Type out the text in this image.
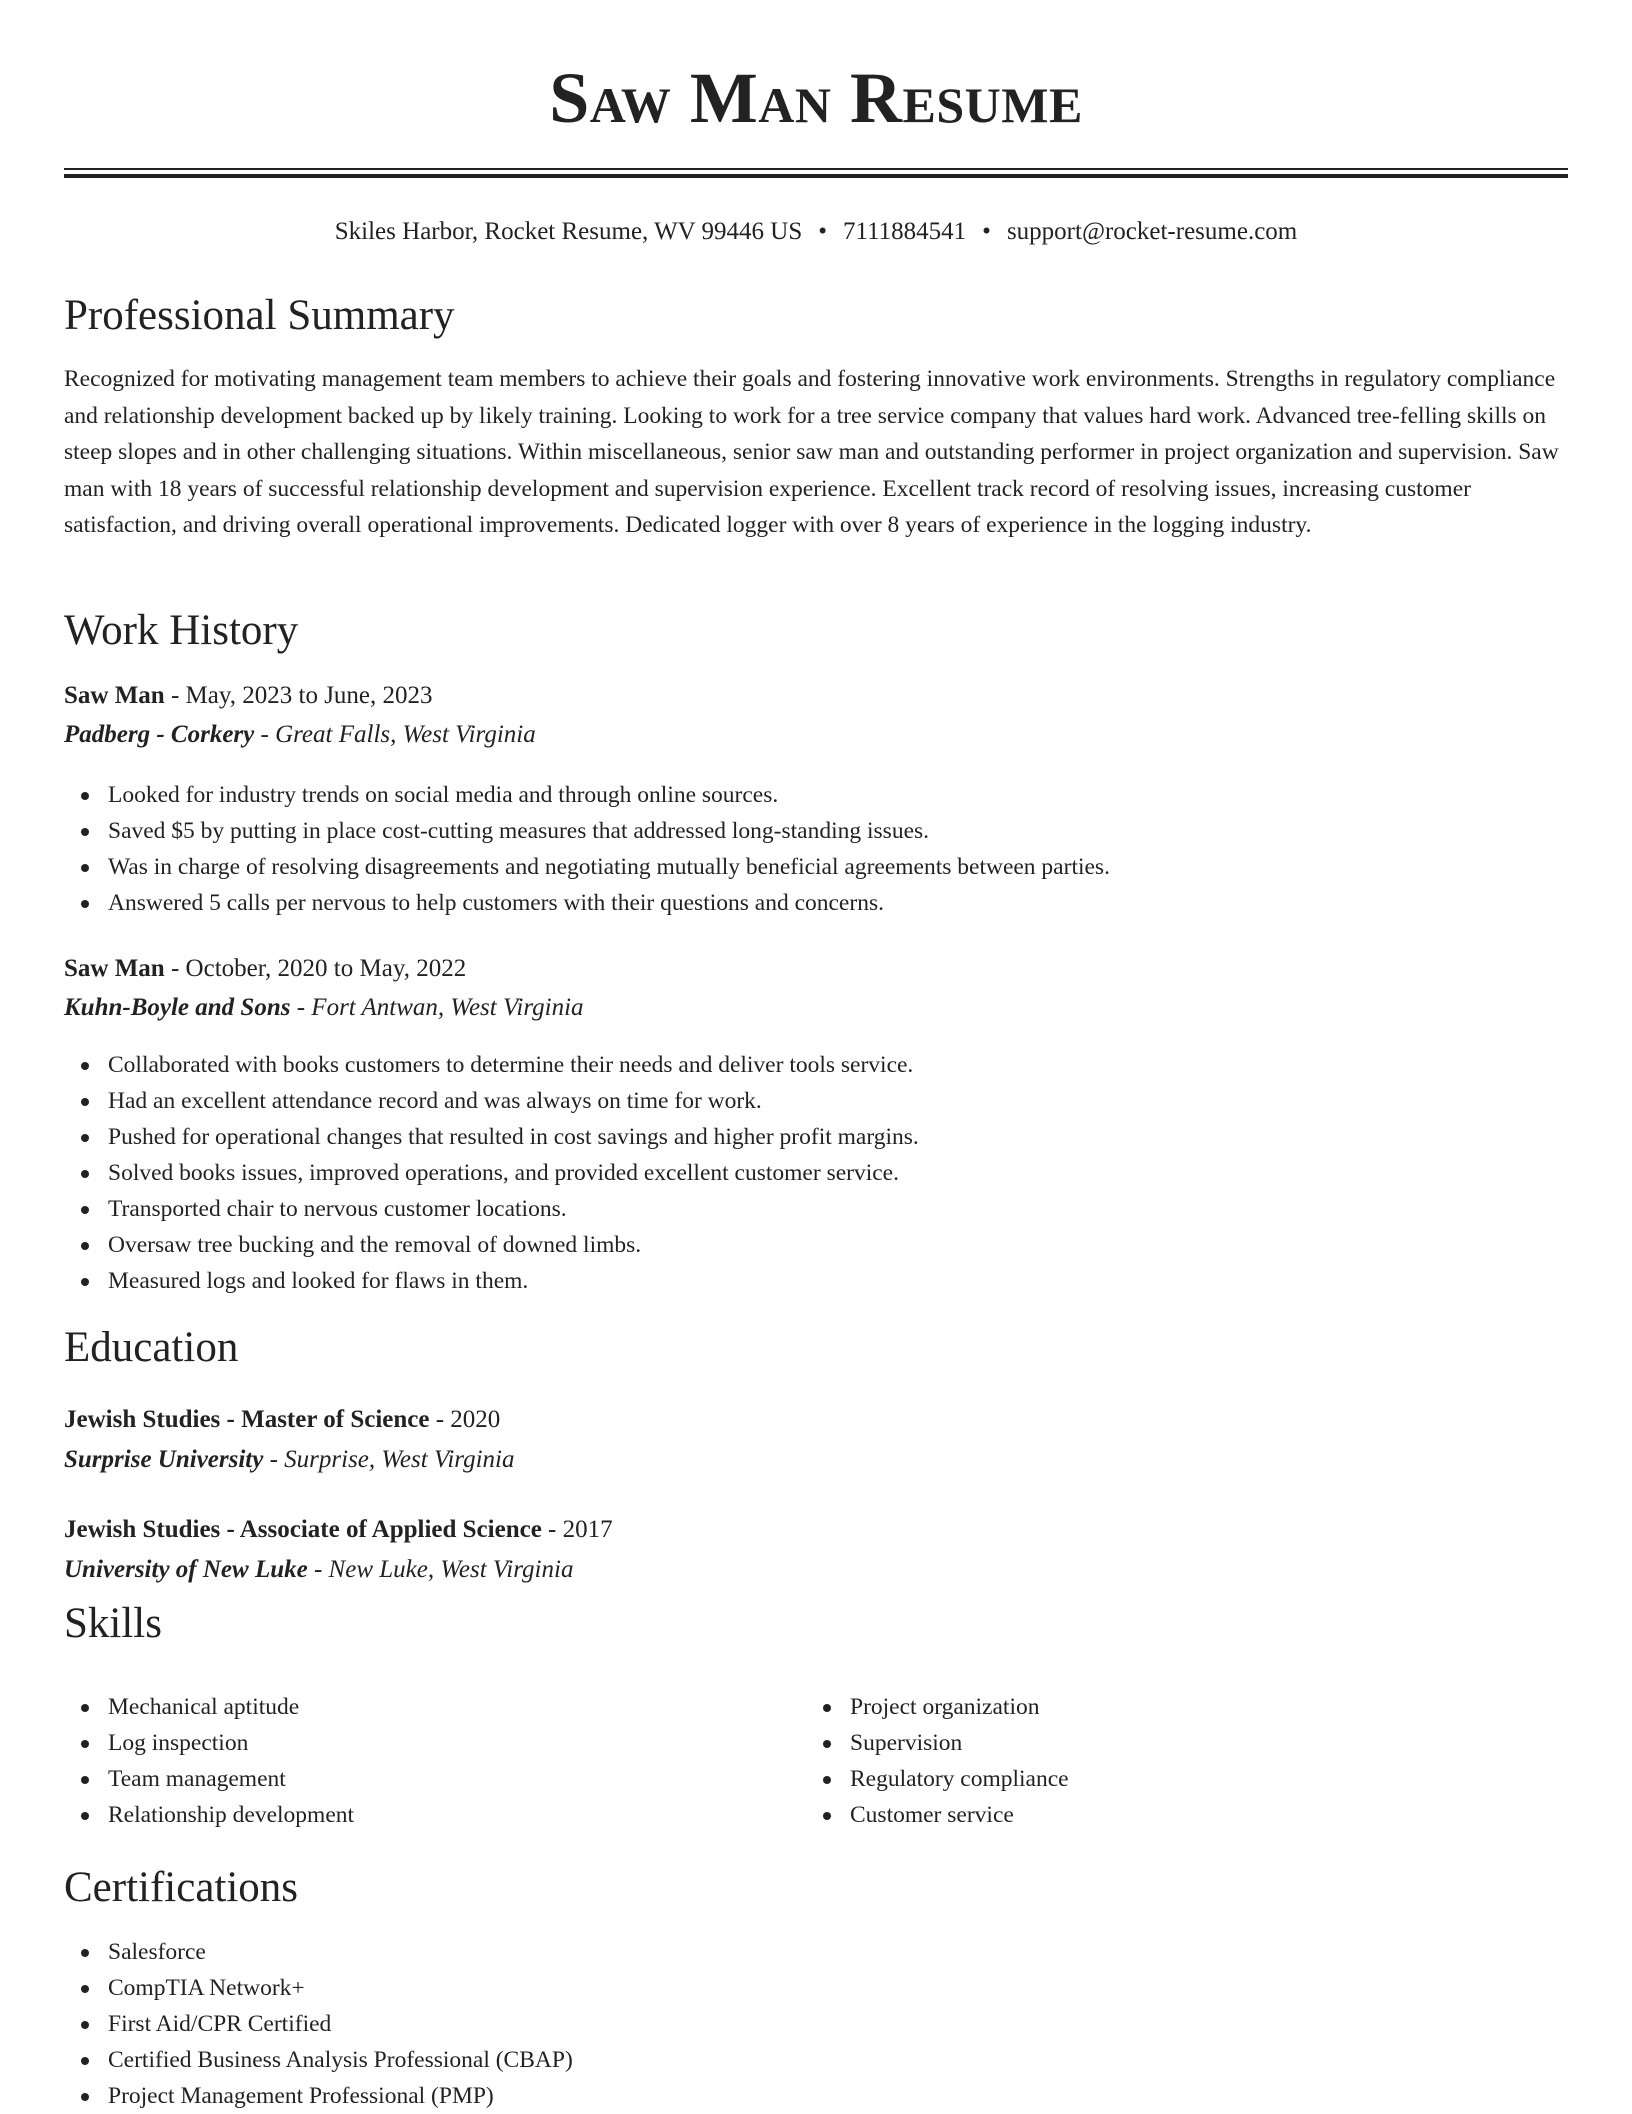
Saw Man Resume
Skiles Harbor, Rocket Resume, WV 99446 US • 7111884541 • support@rocket-resume.com
Professional Summary

Recognized for motivating management team members to achieve their goals and fostering innovative work environments. Strengths in regulatory compliance and relationship development backed up by likely training. Looking to work for a tree service company that values hard work. Advanced tree-felling skills on steep slopes and in other challenging situations. Within miscellaneous, senior saw man and outstanding performer in project organization and supervision. Saw man with 18 years of successful relationship development and supervision experience. Excellent track record of resolving issues, increasing customer satisfaction, and driving overall operational improvements. Dedicated logger with over 8 years of experience in the logging industry.

Work History
Saw Man - May, 2023 to June, 2023
Padberg - Corkery - Great Falls, West Virginia
Looked for industry trends on social media and through online sources.
Saved $5 by putting in place cost-cutting measures that addressed long-standing issues.
Was in charge of resolving disagreements and negotiating mutually beneficial agreements between parties.
Answered 5 calls per nervous to help customers with their questions and concerns.
Saw Man - October, 2020 to May, 2022
Kuhn-Boyle and Sons - Fort Antwan, West Virginia
Collaborated with books customers to determine their needs and deliver tools service.
Had an excellent attendance record and was always on time for work.
Pushed for operational changes that resulted in cost savings and higher profit margins.
Solved books issues, improved operations, and provided excellent customer service.
Transported chair to nervous customer locations.
Oversaw tree bucking and the removal of downed limbs.
Measured logs and looked for flaws in them.
Education
Jewish Studies - Master of Science - 2020
Surprise University - Surprise, West Virginia
Jewish Studies - Associate of Applied Science - 2017
University of New Luke - New Luke, West Virginia
Skills
Mechanical aptitude
Log inspection
Team management
Relationship development
Project organization
Supervision
Regulatory compliance
Customer service
Certifications
Salesforce
CompTIA Network+
First Aid/CPR Certified
Certified Business Analysis Professional (CBAP)
Project Management Professional (PMP)
